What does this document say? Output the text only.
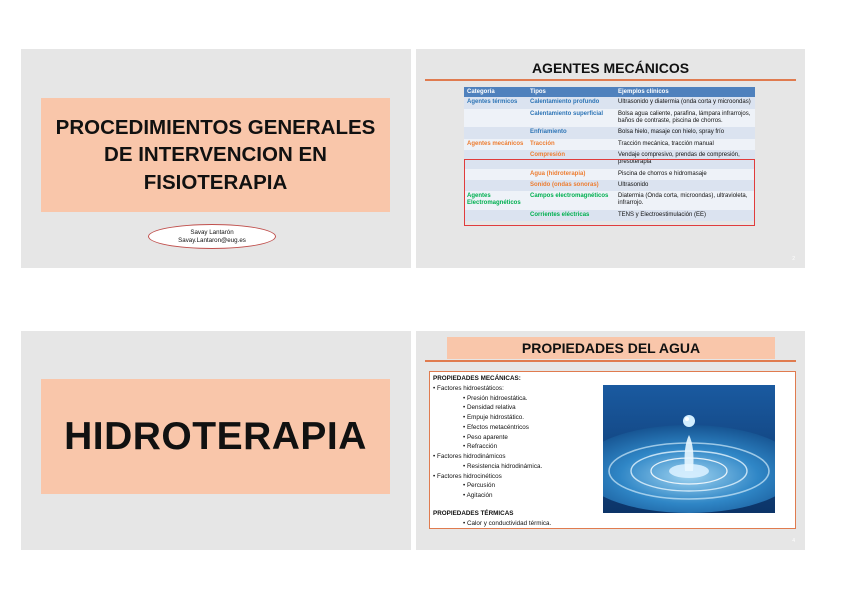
PROCEDIMIENTOS GENERALES
DE INTERVENCION EN
FISIOTERAPIA
Savay Lantarón
Savay.Lantaron@eug.es
AGENTES MECÁNICOS
Categoría	Tipos	Ejemplos clínicos
Agentes térmicos	Calentamiento profundo	Ultrasonido y diatermia (onda corta y microondas)
	Calentamiento superficial	Bolsa agua caliente, parafina, lámpara infrarrojos, baños de contraste, piscina de chorros.
	Enfriamiento	Bolsa hielo, masaje con hielo, spray frío
Agentes mecánicos	Tracción	Tracción mecánica, tracción manual
	Compresión	Vendaje compresivo, prendas de compresión, presoterapia
	Agua (hidroterapia)	Piscina de chorros e hidromasaje
	Sonido (ondas sonoras)	Ultrasonido
Agentes Electromagnéticos	Campos electromagnéticos	Diatermia (Onda corta, microondas), ultravioleta, infrarrojo.
	Corrientes eléctricas	TENS y Electroestimulación (EE)
2
HIDROTERAPIA
PROPIEDADES DEL AGUA
PROPIEDADES MECÁNICAS:
• Factores hidroestáticos:
• Presión hidroestática.
• Densidad relativa
• Empuje hidrostático.
• Efectos metacéntricos
• Peso aparente
• Refracción
• Factores hidrodinámicos
• Resistencia hidrodinámica.
• Factores hidrocinéticos
• Percusión
• Agitación
PROPIEDADES TÉRMICAS
• Calor y conductividad térmica.
4
